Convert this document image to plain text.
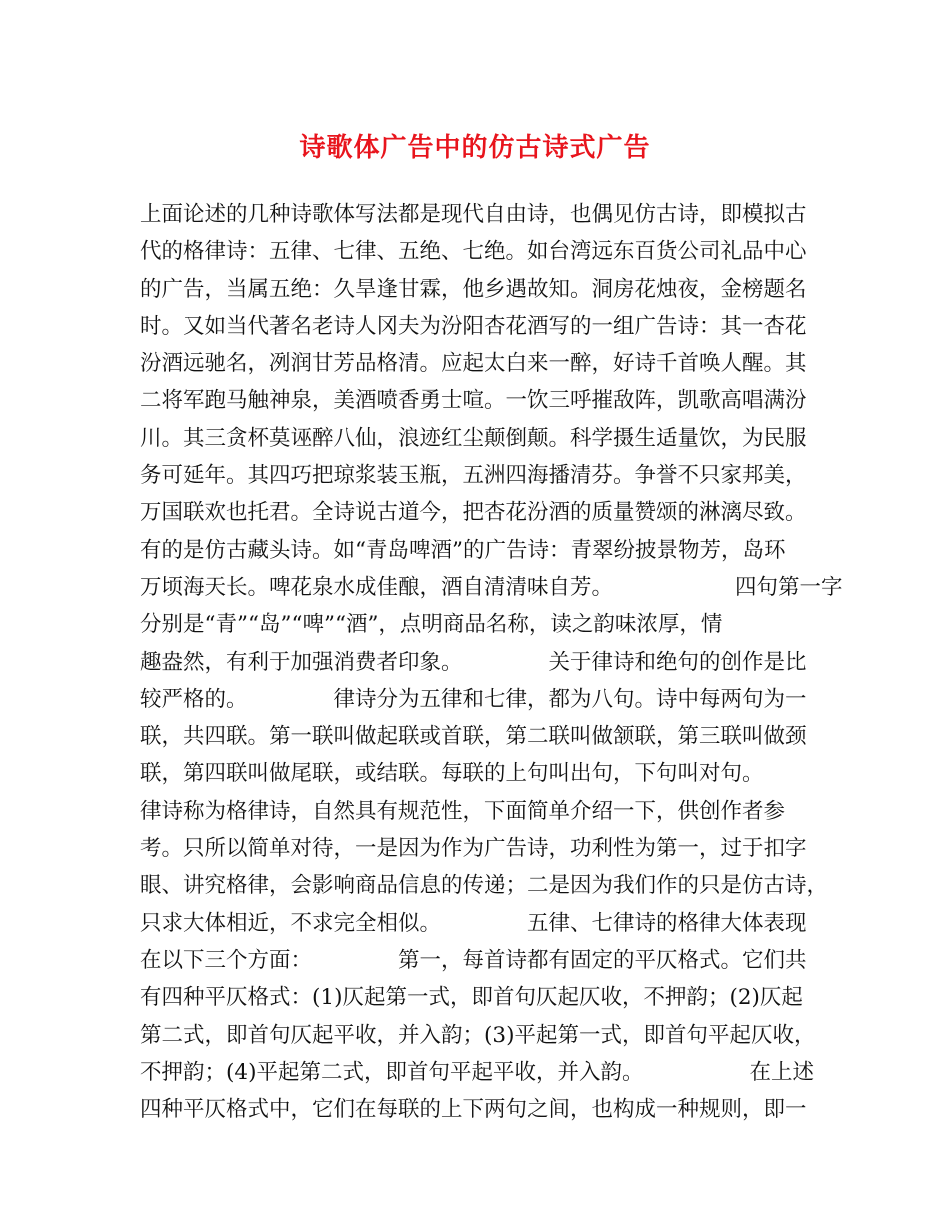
诗歌体广告中的仿古诗式广告
上面论述的几种诗歌体写法都是现代自由诗，也偶见仿古诗，即模拟古
代的格律诗：五律、七律、五绝、七绝。如台湾远东百货公司礼品中心
的广告，当属五绝：久旱逢甘霖，他乡遇故知。洞房花烛夜，金榜题名
时。又如当代著名老诗人冈夫为汾阳杏花酒写的一组广告诗：其一杏花
汾酒远驰名，冽润甘芳品格清。应起太白来一醉，好诗千首唤人醒。其
二将军跑马触神泉，美酒喷香勇士喧。一饮三呼摧敌阵，凯歌高唱满汾
川。其三贪杯莫诬醉八仙，浪迹红尘颠倒颠。科学摄生适量饮，为民服
务可延年。其四巧把琼浆装玉瓶，五洲四海播清芬。争誉不只家邦美，
万国联欢也托君。全诗说古道今，把杏花汾酒的质量赞颂的淋漓尽致。
有的是仿古藏头诗。如“青岛啤酒”的广告诗：青翠纷披景物芳，岛环
万顷海天长。啤花泉水成佳酿，酒自清清味自芳。	四句第一字
分别是“青”“岛”“啤”“酒”，点明商品名称，读之韵味浓厚，情
趣盎然，有利于加强消费者印象。	关于律诗和绝句的创作是比
较严格的。	律诗分为五律和七律，都为八句。诗中每两句为一
联，共四联。第一联叫做起联或首联，第二联叫做颔联，第三联叫做颈
联，第四联叫做尾联，或结联。每联的上句叫出句，下句叫对句。
律诗称为格律诗，自然具有规范性，下面简单介绍一下，供创作者参
考。只所以简单对待，一是因为作为广告诗，功利性为第一，过于扣字
眼、讲究格律，会影响商品信息的传递；二是因为我们作的只是仿古诗，
只求大体相近，不求完全相似。	五律、七律诗的格律大体表现
在以下三个方面：	第一，每首诗都有固定的平仄格式。它们共
有四种平仄格式：(1)仄起第一式，即首句仄起仄收，不押韵；(2)仄起
第二式，即首句仄起平收，并入韵；(3)平起第一式，即首句平起仄收，
不押韵；(4)平起第二式，即首句平起平收，并入韵。	在上述
四种平仄格式中，它们在每联的上下两句之间，也构成一种规则，即一
